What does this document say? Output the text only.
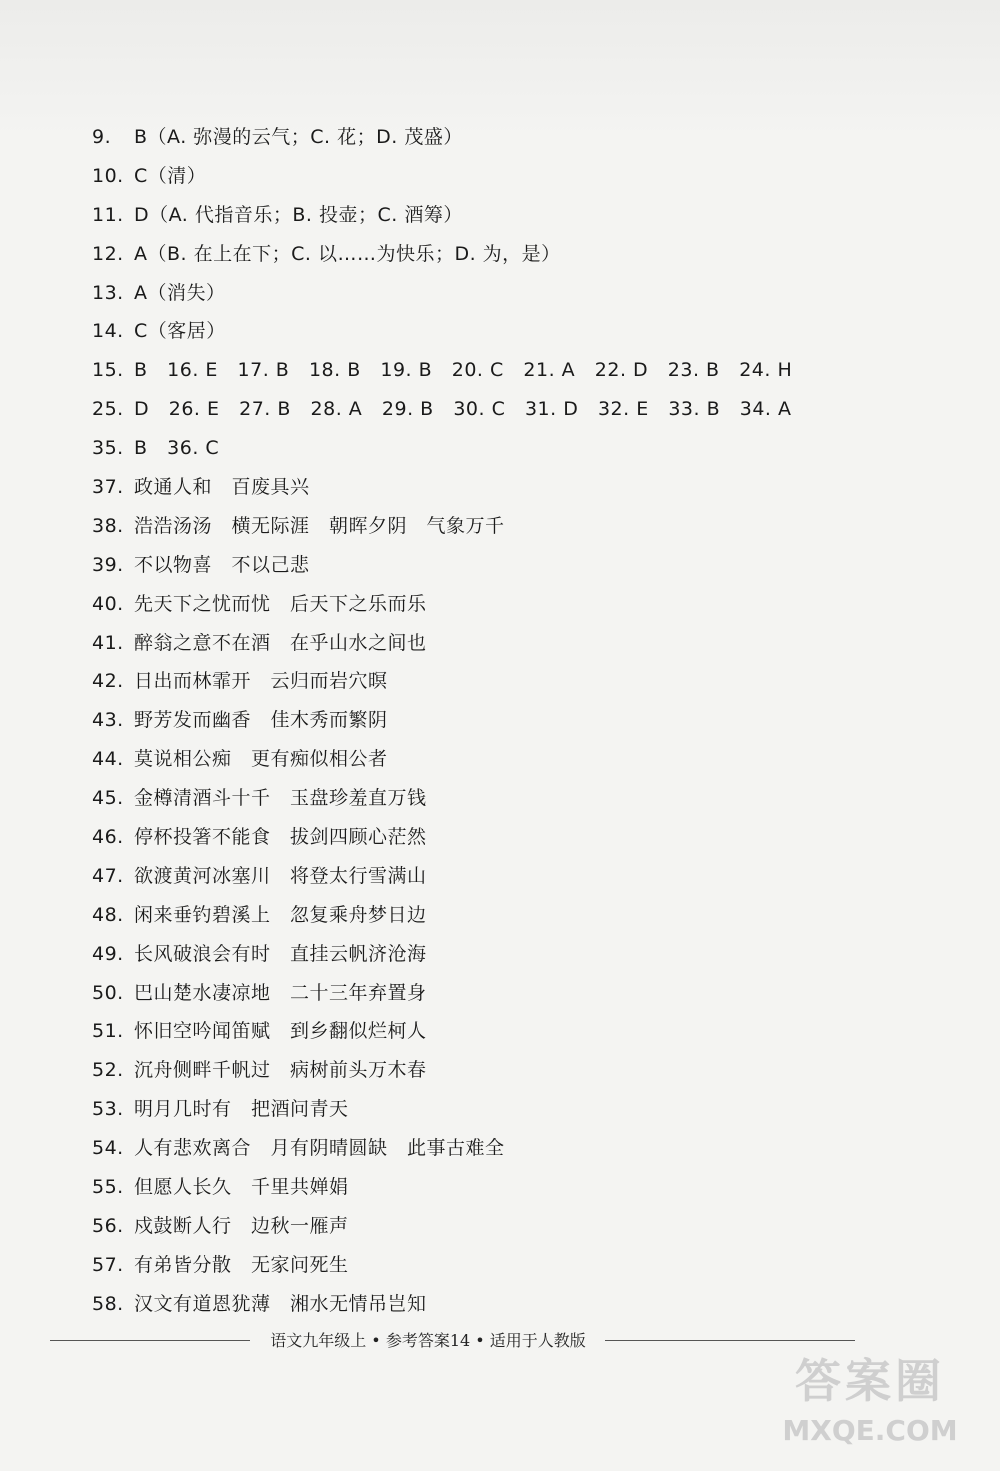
9. B（A. 弥漫的云气；C. 花；D. 茂盛）
10. C（清）
11. D（A. 代指音乐；B. 投壶；C. 酒筹）
12. A（B. 在上在下；C. 以……为快乐；D. 为，是）
13. A（消失）
14. C（客居）
15. B   16. E   17. B   18. B   19. B   20. C   21. A   22. D   23. B   24. H
25. D   26. E   27. B   28. A   29. B   30. C   31. D   32. E   33. B   34. A
35. B   36. C
37. 政通人和　百废具兴
38. 浩浩汤汤　横无际涯　朝晖夕阴　气象万千
39. 不以物喜　不以己悲
40. 先天下之忧而忧　后天下之乐而乐
41. 醉翁之意不在酒　在乎山水之间也
42. 日出而林霏开　云归而岩穴暝
43. 野芳发而幽香　佳木秀而繁阴
44. 莫说相公痴　更有痴似相公者
45. 金樽清酒斗十千　玉盘珍羞直万钱
46. 停杯投箸不能食　拔剑四顾心茫然
47. 欲渡黄河冰塞川　将登太行雪满山
48. 闲来垂钓碧溪上　忽复乘舟梦日边
49. 长风破浪会有时　直挂云帆济沧海
50. 巴山楚水凄凉地　二十三年弃置身
51. 怀旧空吟闻笛赋　到乡翻似烂柯人
52. 沉舟侧畔千帆过　病树前头万木春
53. 明月几时有　把酒问青天
54. 人有悲欢离合　月有阴晴圆缺　此事古难全
55. 但愿人长久　千里共婵娟
56. 戍鼓断人行　边秋一雁声
57. 有弟皆分散　无家问死生
58. 汉文有道恩犹薄　湘水无情吊岂知
语文九年级上 • 参考答案14 • 适用于人教版
答案圈
MXQE.COM
